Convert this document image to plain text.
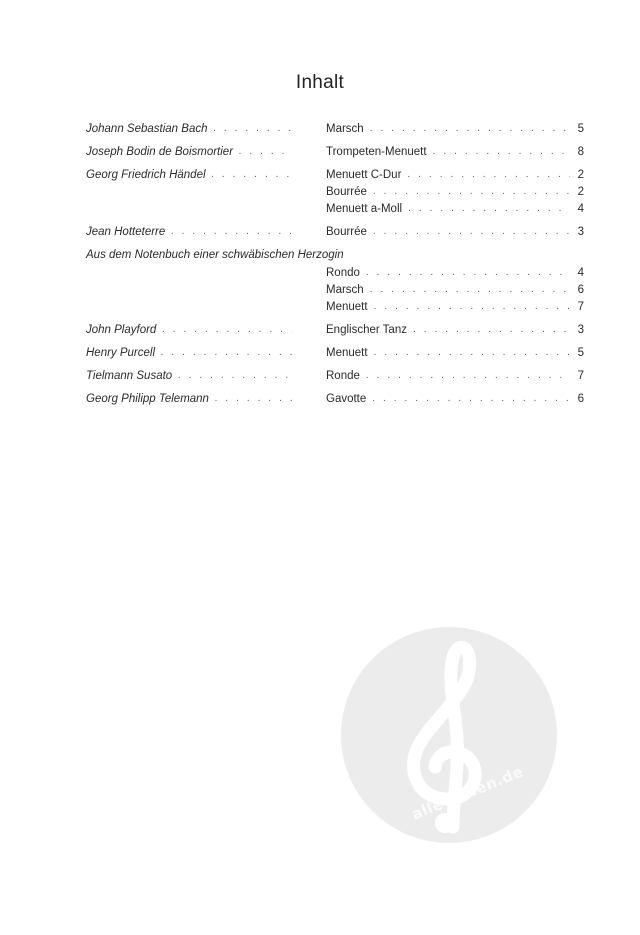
Inhalt
Johann Sebastian Bach . . .	Marsch . . .	5
Joseph Bodin de Boismortier . . .	Trompeten-Menuett . . .	8
Georg Friedrich Händel . . .	Menuett C-Dur . . .	2
Bourrée . . .	2
Menuett a-Moll . . .	4
Jean Hotteterre . . .	Bourrée . . .	3
Aus dem Notenbuch einer schwäbischen Herzogin
Rondo . . .	4
Marsch . . .	6
Menuett . . .	7
John Playford . . .	Englischer Tanz . . .	3
Henry Purcell . . .	Menuett . . .	5
Tielmann Susato . . .	Ronde . . .	7
Georg Philipp Telemann . . .	Gavotte . . .	6
alle-noten.de
